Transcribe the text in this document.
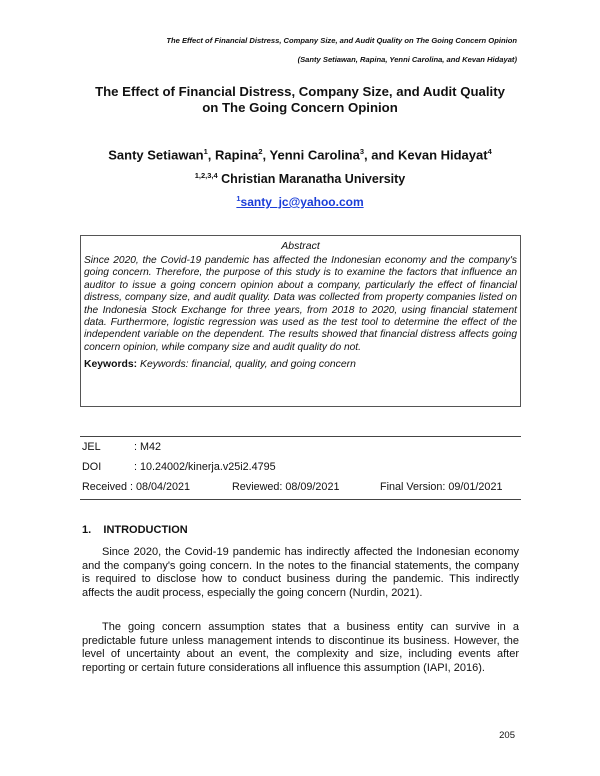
The Effect of Financial Distress, Company Size, and Audit Quality on The Going Concern Opinion
(Santy Setiawan, Rapina, Yenni Carolina, and Kevan Hidayat)
The Effect of Financial Distress, Company Size, and Audit Quality
on The Going Concern Opinion
Santy Setiawan$^1$, Rapina$^2$, Yenni Carolina$^3$, and Kevan Hidayat$^4$
$^{1,2,3,4}$ Christian Maranatha University
$^1$santy_jc@yahoo.com
Abstract
Since 2020, the Covid-19 pandemic has affected the Indonesian economy and the company's going concern. Therefore, the purpose of this study is to examine the factors that influence an auditor to issue a going concern opinion about a company, particularly the effect of financial distress, company size, and audit quality. Data was collected from property companies listed on the Indonesia Stock Exchange for three years, from 2018 to 2020, using financial statement data. Furthermore, logistic regression was used as the test tool to determine the effect of the independent variable on the dependent. The results showed that financial distress affects going concern opinion, while company size and audit quality do not.
Keywords: Keywords: financial, quality, and going concern
JEL	: M42
DOI	: 10.24002/kinerja.v25i2.4795
Received : 08/04/2021	Reviewed: 08/09/2021	Final Version: 09/01/2021
1.    INTRODUCTION
Since 2020, the Covid-19 pandemic has indirectly affected the Indonesian economy and the company's going concern. In the notes to the financial statements, the company is required to disclose how to conduct business during the pandemic. This indirectly affects the audit process, especially the going concern (Nurdin, 2021).
The going concern assumption states that a business entity can survive in a predictable future unless management intends to discontinue its business. However, the level of uncertainty about an event, the complexity and size, including events after reporting or certain future considerations all influence this assumption (IAPI, 2016).
205
